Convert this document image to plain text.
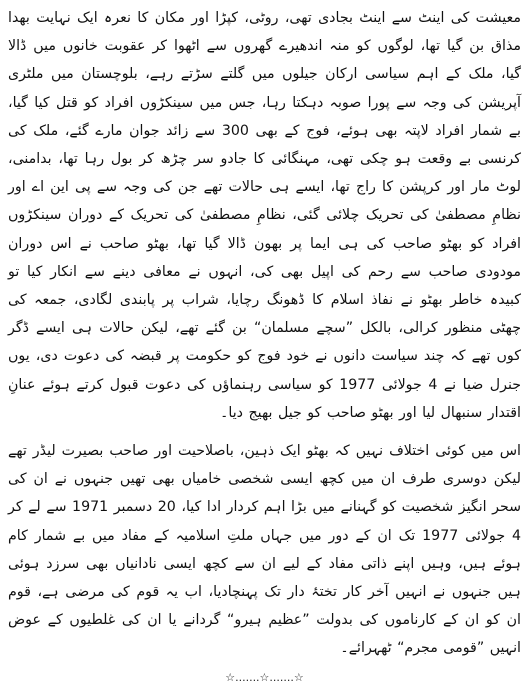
معیشت کی اینٹ سے اینٹ بجادی تھی، روٹی، کپڑا اور مکان کا نعرہ ایک نہایت بھدا مذاق بن گیا تھا، لوگوں کو منہ اندھیرے گھروں سے اٹھوا کر عقوبت خانوں میں ڈالا گیا، ملک کے اہم سیاسی ارکان جیلوں میں گلتے سڑتے رہے، بلوچستان میں ملٹری آپریشن کی وجہ سے پورا صوبہ دہکتا رہا، جس میں سینکڑوں افراد کو قتل کیا گیا، بے شمار افراد لاپتہ بھی ہوئے، فوج کے بھی 300 سے زائد جوان مارے گئے، ملک کی کرنسی بے وقعت ہو چکی تھی، مہنگائی کا جادو سر چڑھ کر بول رہا تھا، بدامنی، لوٹ مار اور کرپشن کا راج تھا، ایسے ہی حالات تھے جن کی وجہ سے پی این اے اور نظامِ مصطفیٰ کی تحریک چلائی گئی، نظامِ مصطفیٰ کی تحریک کے دوران سینکڑوں افراد کو بھٹو صاحب کی ہی ایما پر بھون ڈالا گیا تھا، بھٹو صاحب نے اس دوران مودودی صاحب سے رحم کی اپیل بھی کی، انہوں نے معافی دینے سے انکار کیا تو کبیدہ خاطر بھٹو نے نفاذ اسلام کا ڈھونگ رچایا، شراب پر پابندی لگادی، جمعہ کی چھٹی منظور کرالی، بالکل ”سچے مسلمان“ بن گئے تھے، لیکن حالات ہی ایسے ڈگر کوں تھے کہ چند سیاست دانوں نے خود فوج کو حکومت پر قبضہ کی دعوت دی، یوں جنرل ضیا نے 4 جولائی 1977 کو سیاسی رہنماؤں کی دعوت قبول کرتے ہوئے عنانِ اقتدار سنبھال لیا اور بھٹو صاحب کو جیل بھیج دیا۔

اس میں کوئی اختلاف نہیں کہ بھٹو ایک ذہین، باصلاحیت اور صاحب بصیرت لیڈر تھے لیکن دوسری طرف ان میں کچھ ایسی شخصی خامیاں بھی تھیں جنہوں نے ان کی سحر انگیز شخصیت کو گہنانے میں بڑا اہم کردار ادا کیا، 20 دسمبر 1971 سے لے کر 4 جولائی 1977 تک ان کے دور میں جہاں ملتِ اسلامیہ کے مفاد میں بے شمار کام ہوئے ہیں، وہیں اپنے ذاتی مفاد کے لیے ان سے کچھ ایسی نادانیاں بھی سرزد ہوئی ہیں جنہوں نے انہیں آخر کار تختۂ دار تک پہنچادیا، اب یہ قوم کی مرضی ہے، قوم ان کو ان کے کارناموں کی بدولت ”عظیم ہیرو“ گردانے یا ان کی غلطیوں کے عوض انہیں ”قومی مجرم“ ٹھہرائے۔

☆.......☆.......☆
